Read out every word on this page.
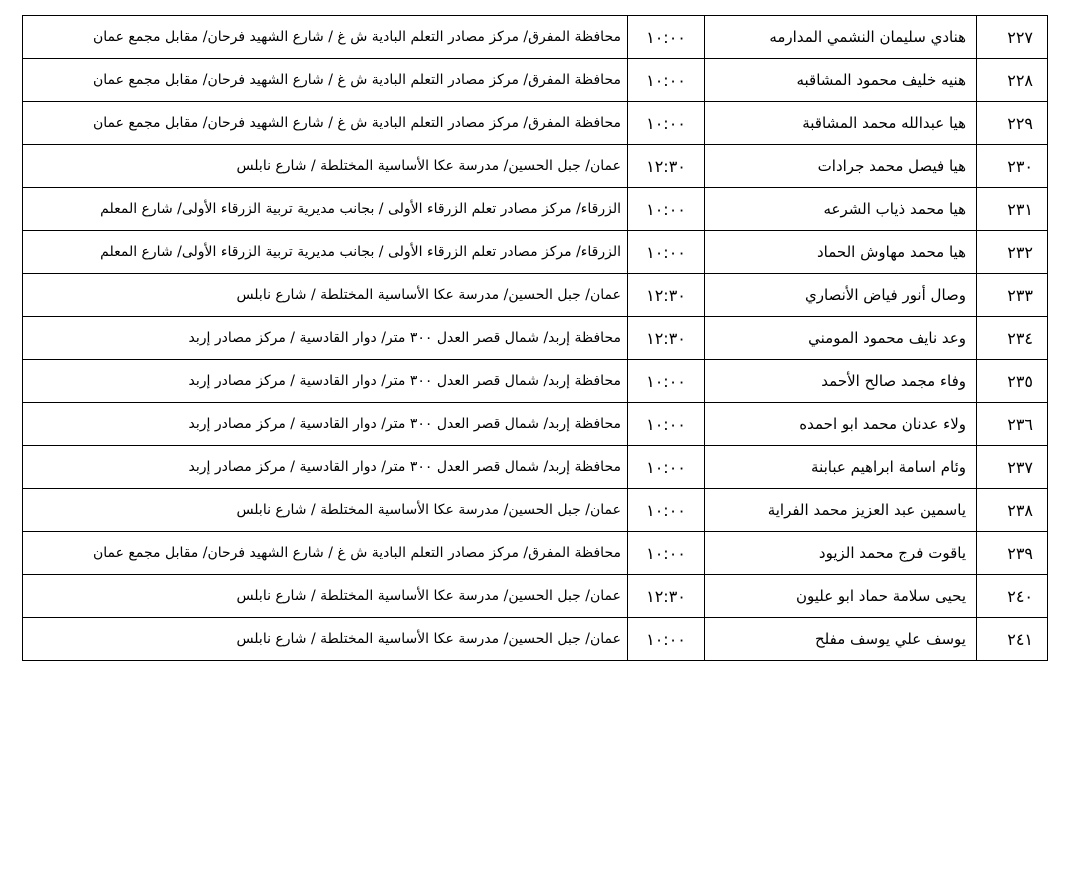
٢٢٧	هنادي سليمان النشمي المدارمه	١٠:٠٠	محافظة المفرق/ مركز مصادر التعلم البادية ش غ / شارع الشهيد فرحان/ مقابل مجمع عمان
٢٢٨	هنيه خليف محمود المشاقبه	١٠:٠٠	محافظة المفرق/ مركز مصادر التعلم البادية ش غ / شارع الشهيد فرحان/ مقابل مجمع عمان
٢٢٩	هيا عبدالله محمد المشاقبة	١٠:٠٠	محافظة المفرق/ مركز مصادر التعلم البادية ش غ / شارع الشهيد فرحان/ مقابل مجمع عمان
٢٣٠	هيا فيصل محمد جرادات	١٢:٣٠	عمان/ جبل الحسين/ مدرسة عكا الأساسية المختلطة / شارع نابلس
٢٣١	هيا محمد ذياب الشرعه	١٠:٠٠	الزرقاء/ مركز مصادر تعلم الزرقاء الأولى / بجانب مديرية تربية الزرقاء الأولى/ شارع المعلم
٢٣٢	هيا محمد مهاوش الحماد	١٠:٠٠	الزرقاء/ مركز مصادر تعلم الزرقاء الأولى / بجانب مديرية تربية الزرقاء الأولى/ شارع المعلم
٢٣٣	وصال أنور فياض الأنصاري	١٢:٣٠	عمان/ جبل الحسين/ مدرسة عكا الأساسية المختلطة / شارع نابلس
٢٣٤	وعد نايف محمود المومني	١٢:٣٠	محافظة إربد/ شمال قصر العدل ٣٠٠ متر/ دوار القادسية / مركز مصادر إربد
٢٣٥	وفاء مجمد صالح الأحمد	١٠:٠٠	محافظة إربد/ شمال قصر العدل ٣٠٠ متر/ دوار القادسية / مركز مصادر إربد
٢٣٦	ولاء عدنان محمد ابو احمده	١٠:٠٠	محافظة إربد/ شمال قصر العدل ٣٠٠ متر/ دوار القادسية / مركز مصادر إربد
٢٣٧	وئام اسامة ابراهيم عبابنة	١٠:٠٠	محافظة إربد/ شمال قصر العدل ٣٠٠ متر/ دوار القادسية / مركز مصادر إربد
٢٣٨	ياسمين عبد العزيز محمد الفراية	١٠:٠٠	عمان/ جبل الحسين/ مدرسة عكا الأساسية المختلطة / شارع نابلس
٢٣٩	ياقوت فرج محمد الزيود	١٠:٠٠	محافظة المفرق/ مركز مصادر التعلم البادية ش غ / شارع الشهيد فرحان/ مقابل مجمع عمان
٢٤٠	يحيى سلامة حماد ابو عليون	١٢:٣٠	عمان/ جبل الحسين/ مدرسة عكا الأساسية المختلطة / شارع نابلس
٢٤١	يوسف علي يوسف مفلح	١٠:٠٠	عمان/ جبل الحسين/ مدرسة عكا الأساسية المختلطة / شارع نابلس
